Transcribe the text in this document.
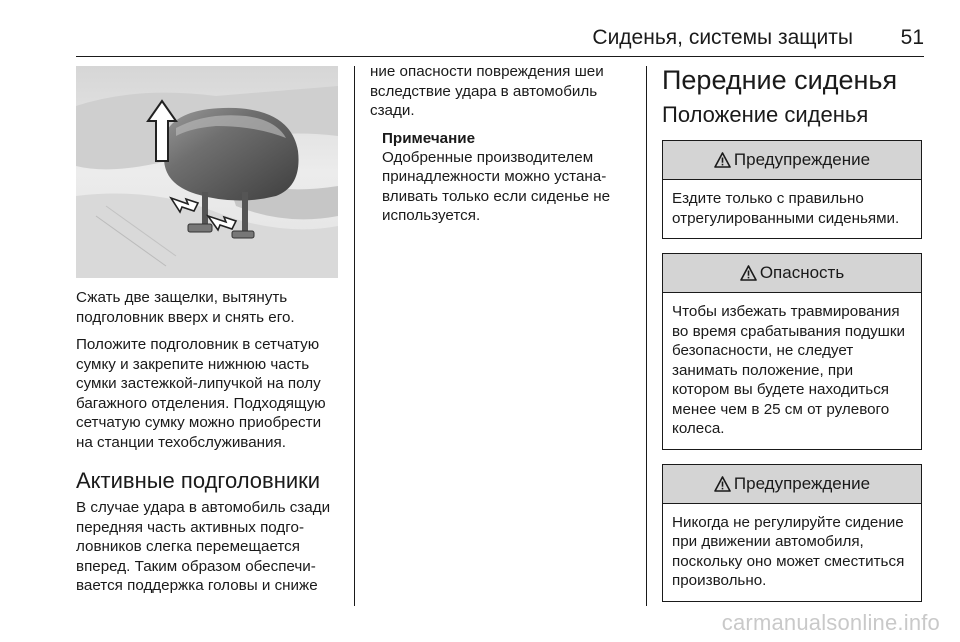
Сиденья, системы защиты 51

Сжать две защелки, вытянуть подголовник вверх и снять его.

Положите подголовник в сетчатую сумку и закрепите нижнюю часть сумки застежкой-липучкой на полу багажного отделения. Подходящую сетчатую сумку можно приобрести на станции техобслуживания.

Активные подголовники

В случае удара в автомобиль сзади передняя часть активных подголовников слегка перемещается вперед. Таким образом обеспечивается поддержка головы и сниже

ние опасности повреждения шеи вследствие удара в автомобиль сзади.

Примечание

Одобренные производителем принадлежности можно устанавливать только если сиденье не используется.

Передние сиденья
Положение сиденья
Предупреждение
Ездите только с правильно отрегулированными сиденьями.
Опасность
Чтобы избежать травмирования во время срабатывания подушки безопасности, не следует занимать положение, при котором вы будете находиться менее чем в 25 см от рулевого колеса.
Предупреждение
Никогда не регулируйте сидение при движении автомобиля, поскольку оно может сместиться произвольно.
carmanualsonline.info
